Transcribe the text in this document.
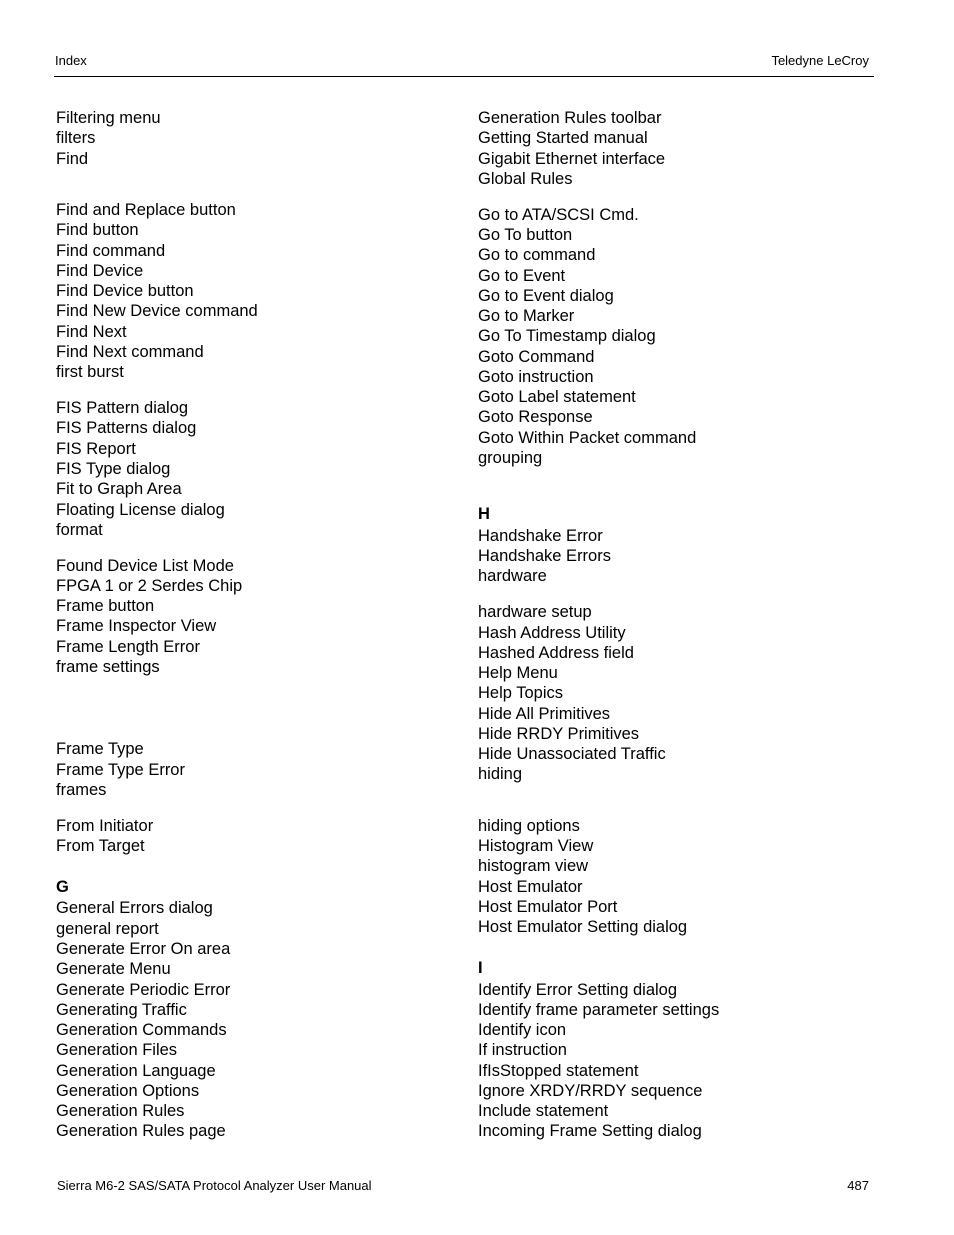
Index	Teledyne LeCroy
Filtering menu
filters
Find
Find and Replace button
Find button
Find command
Find Device
Find Device button
Find New Device command
Find Next
Find Next command
first burst
FIS Pattern dialog
FIS Patterns dialog
FIS Report
FIS Type dialog
Fit to Graph Area
Floating License dialog
format
Found Device List Mode
FPGA 1 or 2 Serdes Chip
Frame button
Frame Inspector View
Frame Length Error
frame settings
Frame Type
Frame Type Error
frames
From Initiator
From Target
G
General Errors dialog
general report
Generate Error On area
Generate Menu
Generate Periodic Error
Generating Traffic
Generation Commands
Generation Files
Generation Language
Generation Options
Generation Rules
Generation Rules page
Generation Rules toolbar
Getting Started manual
Gigabit Ethernet interface
Global Rules
Go to ATA/SCSI Cmd.
Go To button
Go to command
Go to Event
Go to Event dialog
Go to Marker
Go To Timestamp dialog
Goto Command
Goto instruction
Goto Label statement
Goto Response
Goto Within Packet command
grouping
H
Handshake Error
Handshake Errors
hardware
hardware setup
Hash Address Utility
Hashed Address field
Help Menu
Help Topics
Hide All Primitives
Hide RRDY Primitives
Hide Unassociated Traffic
hiding
hiding options
Histogram View
histogram view
Host Emulator
Host Emulator Port
Host Emulator Setting dialog
I
Identify Error Setting dialog
Identify frame parameter settings
Identify icon
If instruction
IfIsStopped statement
Ignore XRDY/RRDY sequence
Include statement
Incoming Frame Setting dialog
Sierra M6-2 SAS/SATA Protocol Analyzer User Manual	487
